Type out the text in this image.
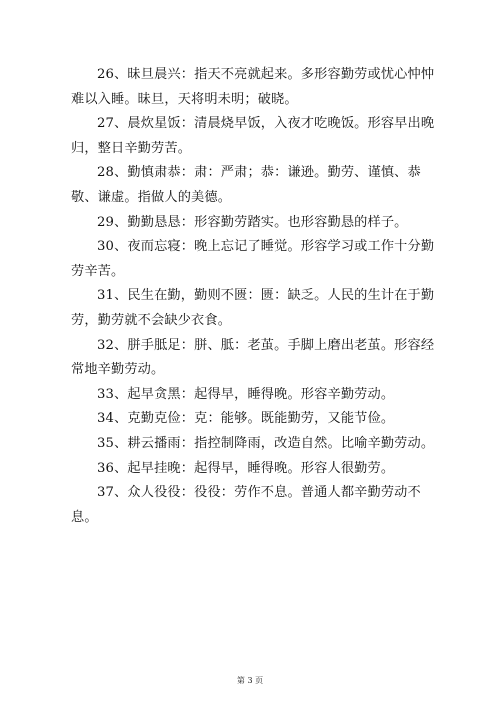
26、昧旦晨兴：指天不亮就起来。多形容勤劳或忧心忡忡难以入睡。昧旦，天将明未明；破晓。

27、晨炊星饭：清晨烧早饭，入夜才吃晚饭。形容早出晚归，整日辛勤劳苦。

28、勤慎肃恭：肃：严肃；恭：谦逊。勤劳、谨慎、恭敬、谦虚。指做人的美德。

29、勤勤恳恳：形容勤劳踏实。也形容勤恳的样子。

30、夜而忘寝：晚上忘记了睡觉。形容学习或工作十分勤劳辛苦。

31、民生在勤，勤则不匮：匮：缺乏。人民的生计在于勤劳，勤劳就不会缺少衣食。

32、胼手胝足：胼、胝：老茧。手脚上磨出老茧。形容经常地辛勤劳动。

33、起早贪黑：起得早，睡得晚。形容辛勤劳动。

34、克勤克俭：克：能够。既能勤劳，又能节俭。

35、耕云播雨：指控制降雨，改造自然。比喻辛勤劳动。

36、起早挂晚：起得早，睡得晚。形容人很勤劳。

37、众人役役：役役：劳作不息。普通人都辛勤劳动不息。

第 3 页
